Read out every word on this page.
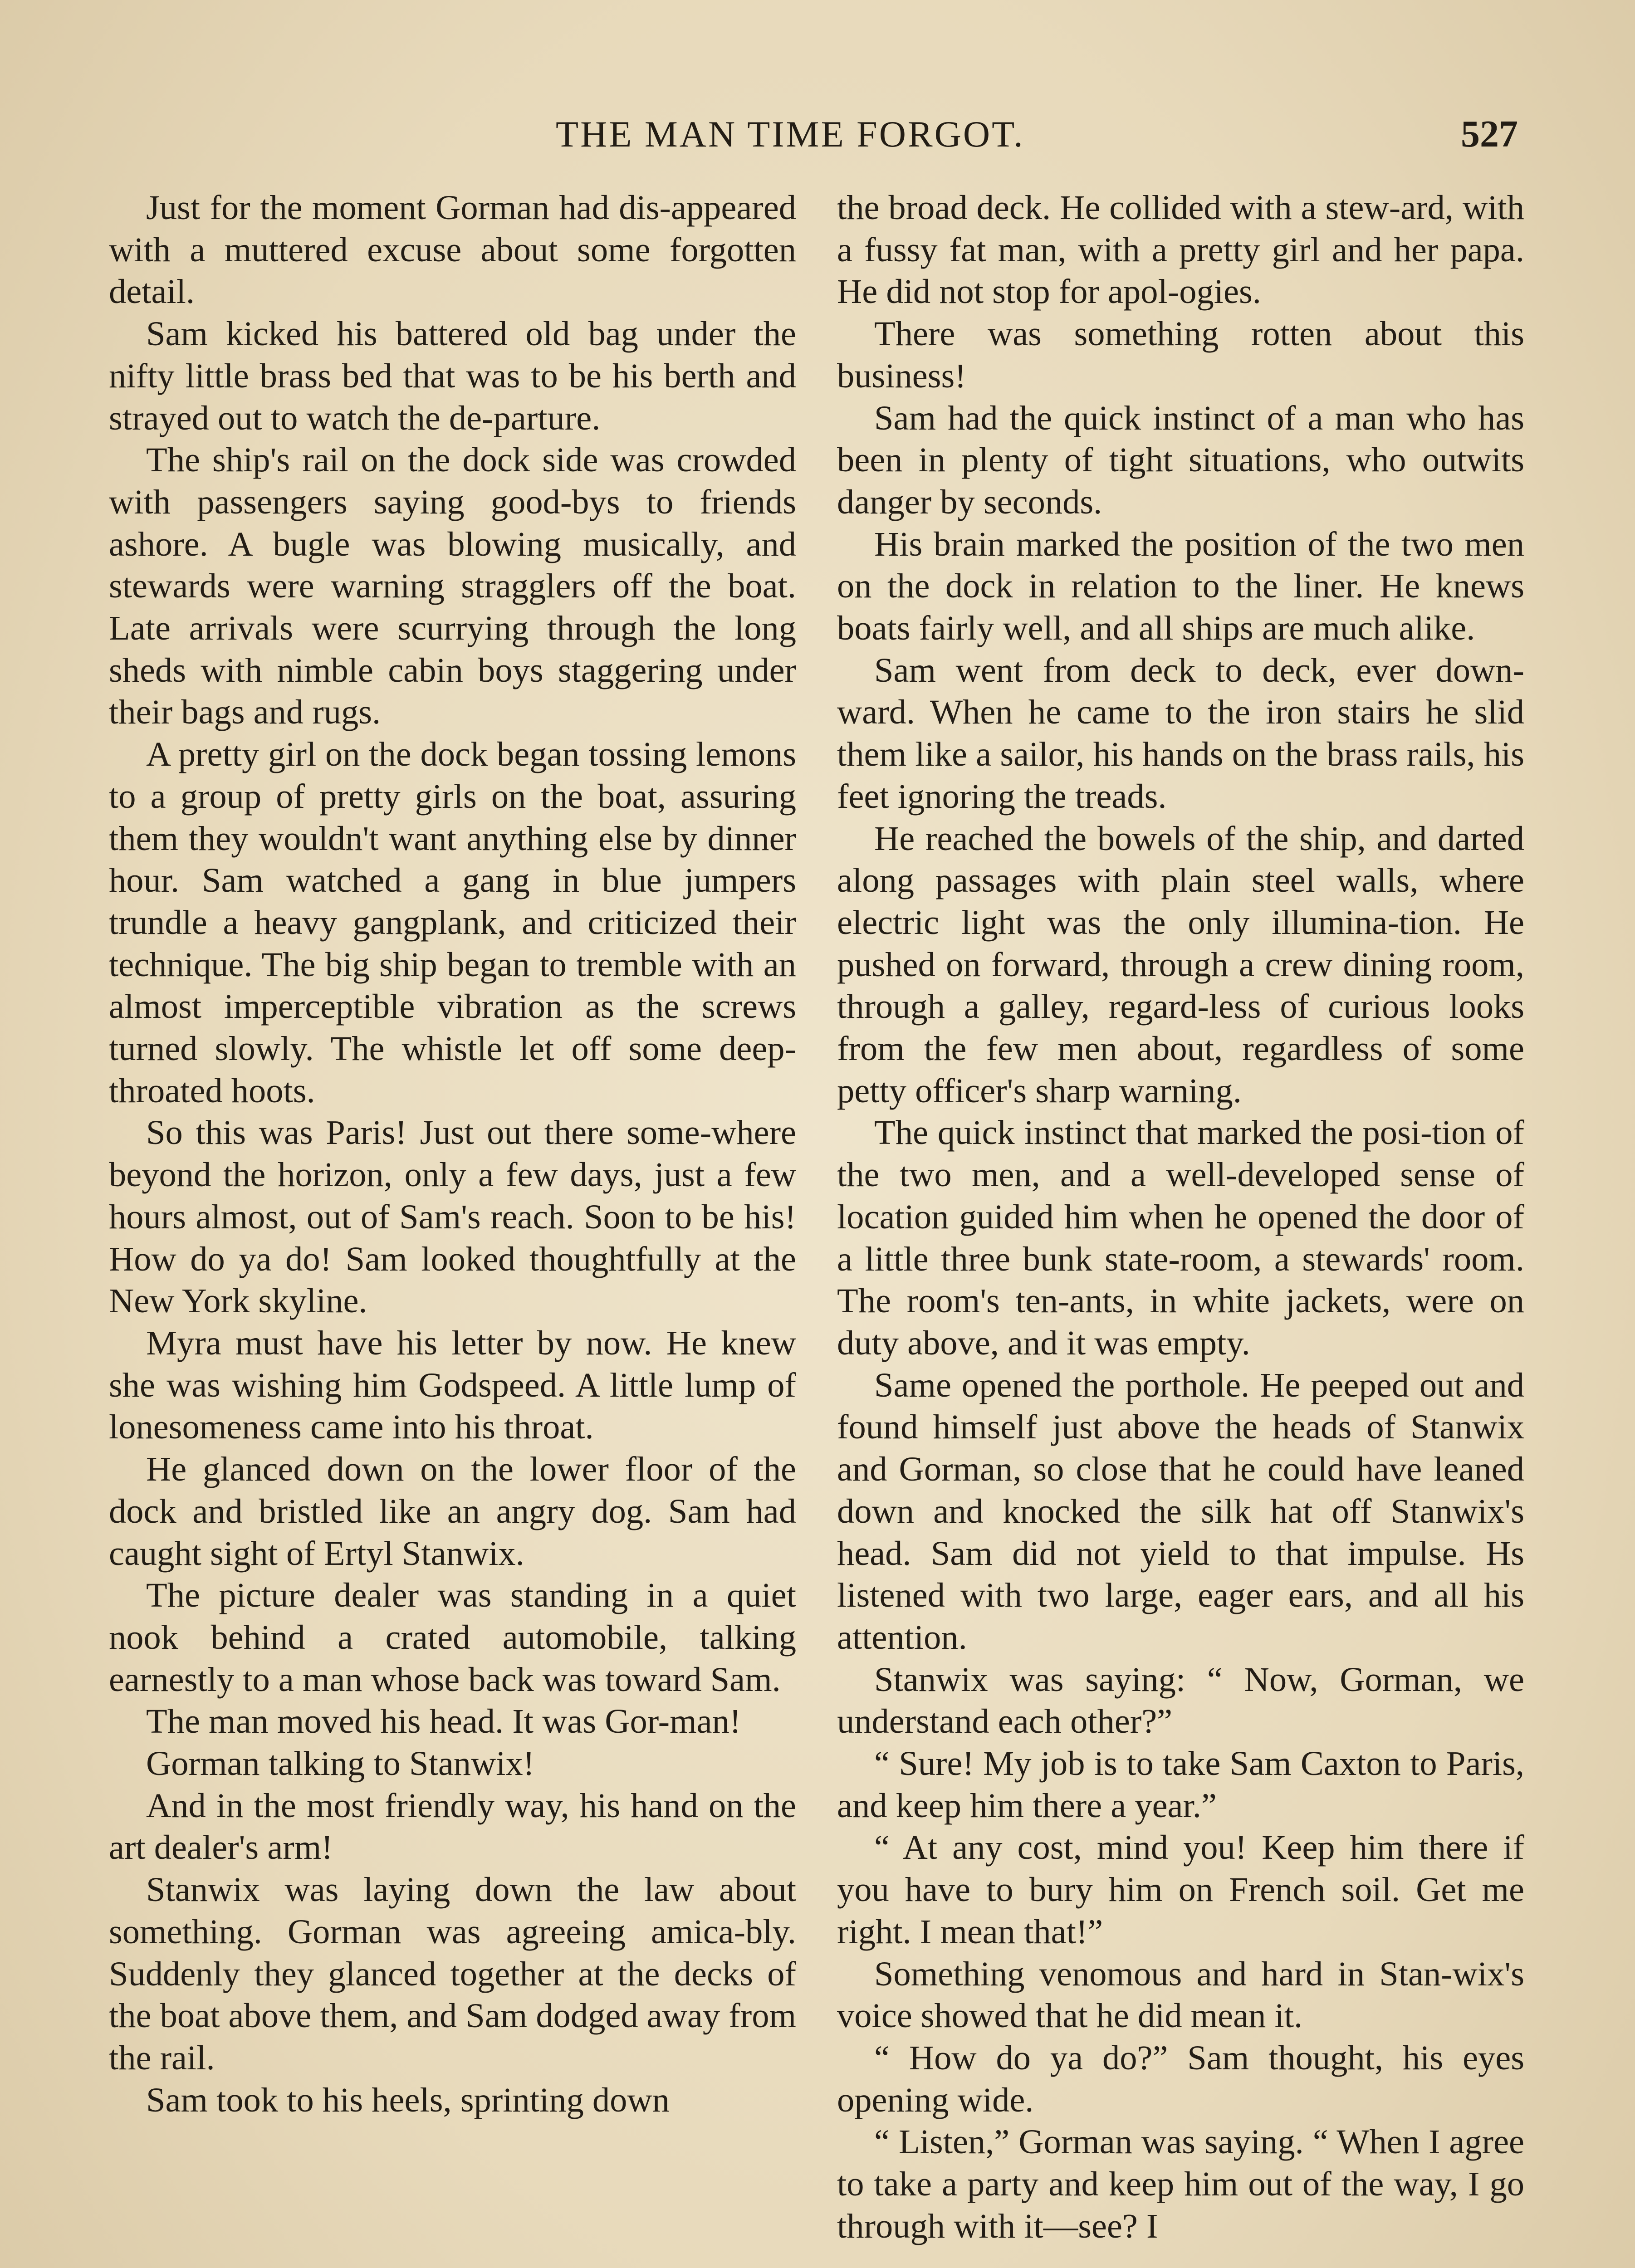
THE MAN TIME FORGOT.	527

Just for the moment Gorman had dis-appeared with a muttered excuse about some forgotten detail.

Sam kicked his battered old bag under the nifty little brass bed that was to be his berth and strayed out to watch the de-parture.

The ship's rail on the dock side was crowded with passengers saying good-bys to friends ashore. A bugle was blowing musically, and stewards were warning stragglers off the boat. Late arrivals were scurrying through the long sheds with nimble cabin boys staggering under their bags and rugs.

A pretty girl on the dock began tossing lemons to a group of pretty girls on the boat, assuring them they wouldn't want anything else by dinner hour. Sam watched a gang in blue jumpers trundle a heavy gangplank, and criticized their technique. The big ship began to tremble with an almost imperceptible vibration as the screws turned slowly. The whistle let off some deep-throated hoots.

So this was Paris! Just out there some-where beyond the horizon, only a few days, just a few hours almost, out of Sam's reach. Soon to be his! How do ya do! Sam looked thoughtfully at the New York skyline.

Myra must have his letter by now. He knew she was wishing him Godspeed. A little lump of lonesomeness came into his throat.

He glanced down on the lower floor of the dock and bristled like an angry dog. Sam had caught sight of Ertyl Stanwix.

The picture dealer was standing in a quiet nook behind a crated automobile, talking earnestly to a man whose back was toward Sam.

The man moved his head. It was Gor-man!

Gorman talking to Stanwix!

And in the most friendly way, his hand on the art dealer's arm!

Stanwix was laying down the law about something. Gorman was agreeing amica-bly. Suddenly they glanced together at the decks of the boat above them, and Sam dodged away from the rail.

Sam took to his heels, sprinting down

the broad deck. He collided with a stew-ard, with a fussy fat man, with a pretty girl and her papa. He did not stop for apol-ogies.

There was something rotten about this business!

Sam had the quick instinct of a man who has been in plenty of tight situations, who outwits danger by seconds.

His brain marked the position of the two men on the dock in relation to the liner. He knews boats fairly well, and all ships are much alike.

Sam went from deck to deck, ever down-ward. When he came to the iron stairs he slid them like a sailor, his hands on the brass rails, his feet ignoring the treads.

He reached the bowels of the ship, and darted along passages with plain steel walls, where electric light was the only illumina-tion. He pushed on forward, through a crew dining room, through a galley, regard-less of curious looks from the few men about, regardless of some petty officer's sharp warning.

The quick instinct that marked the posi-tion of the two men, and a well-developed sense of location guided him when he opened the door of a little three bunk state-room, a stewards' room. The room's ten-ants, in white jackets, were on duty above, and it was empty.

Same opened the porthole. He peeped out and found himself just above the heads of Stanwix and Gorman, so close that he could have leaned down and knocked the silk hat off Stanwix's head. Sam did not yield to that impulse. Hs listened with two large, eager ears, and all his attention.

Stanwix was saying: “ Now, Gorman, we understand each other?”

“ Sure! My job is to take Sam Caxton to Paris, and keep him there a year.”

“ At any cost, mind you! Keep him there if you have to bury him on French soil. Get me right. I mean that!”

Something venomous and hard in Stan-wix's voice showed that he did mean it.

“ How do ya do?” Sam thought, his eyes opening wide.

“ Listen,” Gorman was saying. “ When I agree to take a party and keep him out of the way, I go through with it—see? I
